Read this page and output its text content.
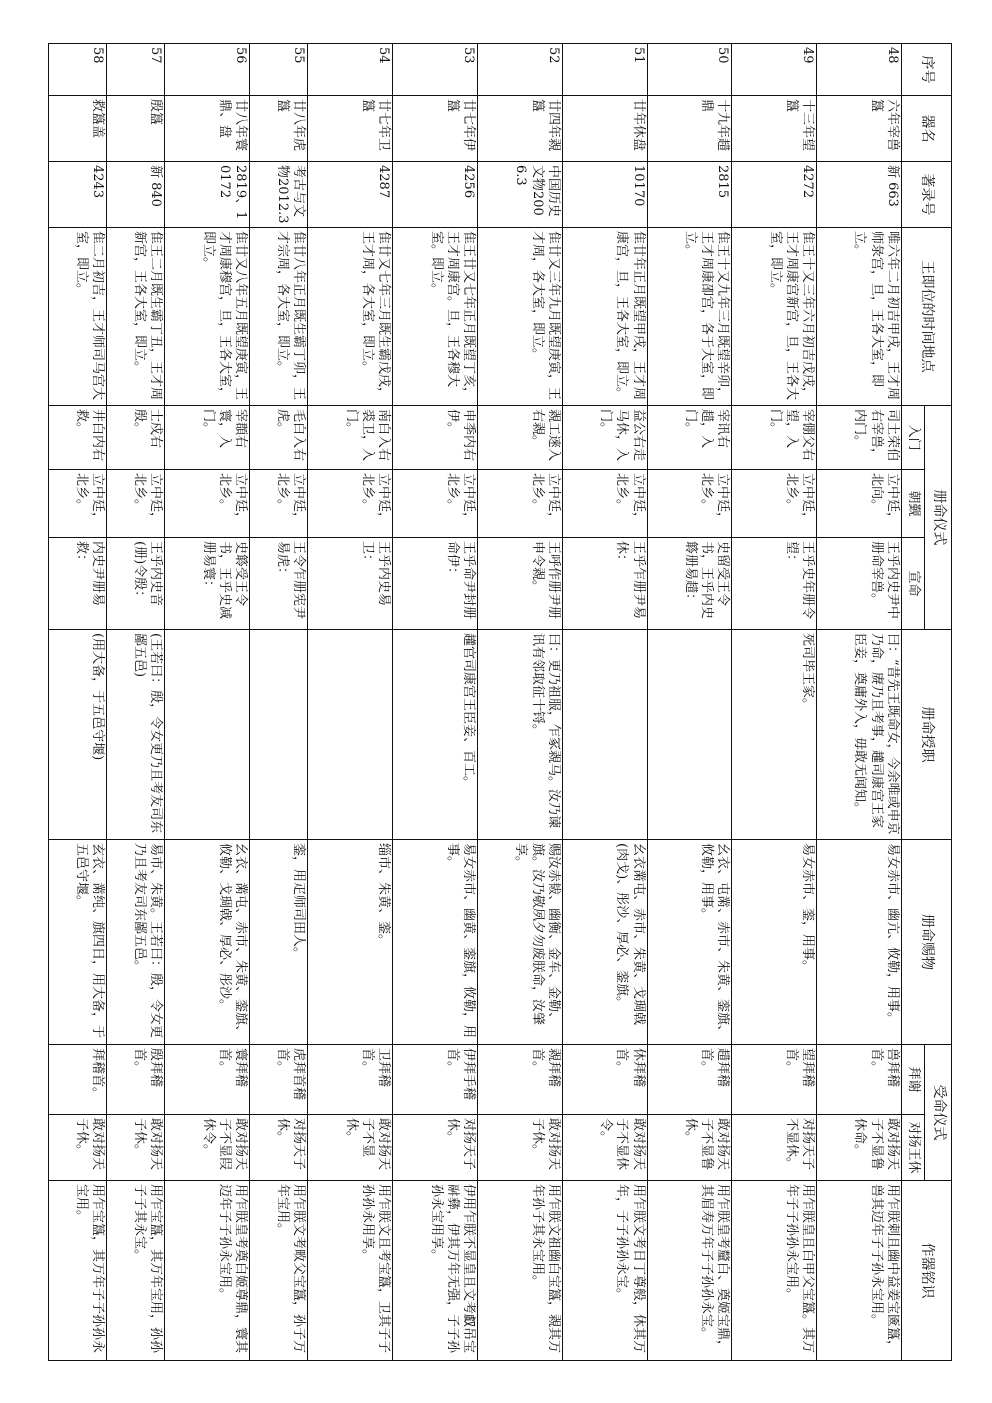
序号	器名	著录号	王即位的时间地点	册命仪式			册命授职	册命赐物	受命仪式		作器铭识
				入门	朝觐	宣命			拜谢	对扬王休	
48	六年宰兽簋	新 663	唯六年二月初吉甲戌，王才周师彔宫，旦，王各大室，即立。	司土荣伯右宰兽，内门。	立中廷，北向。	王乎内史尹中册命宰兽。	曰：“昔先王既命女，今余唯或申京乃命，赓乃且考事，䟒司康宫王家臣妾，奠庸外入，毋敢无闻知。	易女赤巿、幽亢、攸勒，用事。	兽拜稽首。	敢对扬天子不显鲁休命。	用乍朕剌且幽中益姜宝匳簋，兽其迈年子子孙永宝用。
49	十三年望簋	4272	隹王十又三年六月初吉戊戌，王才周康宫新宫，旦，王各大室，即立。	宰倗父右望，入门。	立中廷，北乡。	王乎史年册令望：	死司毕王家。	易女赤巿、銮，用事。	望拜稽首。	对扬天子不显休。	用乍朕皇且白甲父宝簋。其万年子子孙孙永宝用。
50	十九年趞鼎	2815	隹王十又九年三月既望辛卯，王才周康卲宫，各于大室，即立。	宰讯右趞，入门。	立中廷，北乡。	史留受王令书，王乎内史䉁册易趞：		幺衣、屯黹、赤巿、朱黄、銮旗、攸勒，用事。	趞拜稽首。	敢对扬天子不显鲁休。	用乍朕皇考釐白、奠姬宝鼎，其眉寿万年子子孙孙永宝。
51	廿年休盘	10170	隹廿年正月既望甲戌，王才周康宫，旦，王各大室，即立。	益公右走马休，入门。	立中廷，北乡。	王乎乍册尹易休：		幺衣黹屯、赤巿、朱黄、戈琱㦸(肉戈)、彤沙、厚必、銮旗。	休拜稽首。	敢对扬天子不显休令。	用乍朕文考日丁尊般，休其万年，子子孙孙永宝。
52	廿四年䚄簋	中国历史文物2006.3	隹廿又三年九月既望庚寅，王才周，各大室，即立。	䚄工逨入右䚄。	立中廷，北乡。	王呼作册尹册申令䚄。	曰：更乃祖服，乍冢䚄马。汝乃谏讯有邻取征十锊。	赐汝赤韨、幽衡、金车、金勒、旗。汝乃敬夙夕勿废朕命，汝肇享。	䚄拜稽首。	敢对扬天子休。	用乍朕文祖幽白宝簋，䚄其万年孙子其永宝用。
53	廿七年伊簋	4256	隹王廿又七年正月既望丁亥，王才周康宫。旦，王各穆大室。即立。	申季内右伊。	立中廷，北乡。	王乎命尹封册命伊：	䟒官司康宫王臣妾、百工。	易女赤巿、幽黄、銮旗，攸勒，用事。	伊拜手稽首。	对扬天子休。	伊用乍朕不显皇且文考𠭯吊宝𩰫彝，伊其万年无强，子子孙孙永宝用享。
54	廿七年卫簋	4287	隹廿又七年三月既生霸戊戌，王才周，各大室，即立。	南白入右裘卫，入门。	立中廷，北乡。	王乎内史易卫：		缁巿、朱黄、銮。	卫拜稽首。	敢对扬天子不显休。	用乍朕文且考宝簋，卫其子子孙孙永用享。
55	廿八年虎簋	考古与文物2012.3	隹廿八年正月既生霸丁卯，王才宗周，各大室，即立。	毛白入右虎。	立中廷，北乡。	王令乍册宪尹易虎：		銮，用疋师司田人。	虎拜首稽首。	对扬天子休。	用乍朕文考畋父宝簋，孙子万年宝用。
56	廿八年寰鼎、盘	2819、10172	隹廿又八年五月既望庚寅，王才周康穆宫，旦，王各大室，即立。	宰頵右寰，入门。	立中廷，北乡。	史䉁受王令书，王乎史减册易寰：		幺衣、黹屯、赤巿、朱黄、銮旗、攸勒、戈琱㦸、厚必、彤沙。	寰拜稽首。	敢对扬天子不显叚休令。	用乍朕皇考奠白姬尊鼎，寰其迈年子子孙永宝用。
57	殷簋	新 840	隹王二月既生霸丁丑，王才周新宫，王各大室，即立。	士戍右殷。	立中廷，北乡。	王乎内史音(册)令殷：	(王若曰：殷，令女更乃且考友司东鄙五邑)	易市、朱黄。王若曰：殷，令女更乃且考友司东鄙五邑。	殷拜稽首。	敢对扬天子休。	用乍宝簋，其万年宝用，孙孙子子其永宝。
58	救簋盖	4243	隹二月初吉，王才师司马宫大室，即立。	井白内右救。	立中廷，北乡。	内史尹册易救：	(用大备，于五邑守堰)	玄衣、黹纯、旗四日，用大备，于五邑守堰。	拜稽首。	敢对扬天子休。	用乍宝簋，其万年子子孙孙永宝用。
